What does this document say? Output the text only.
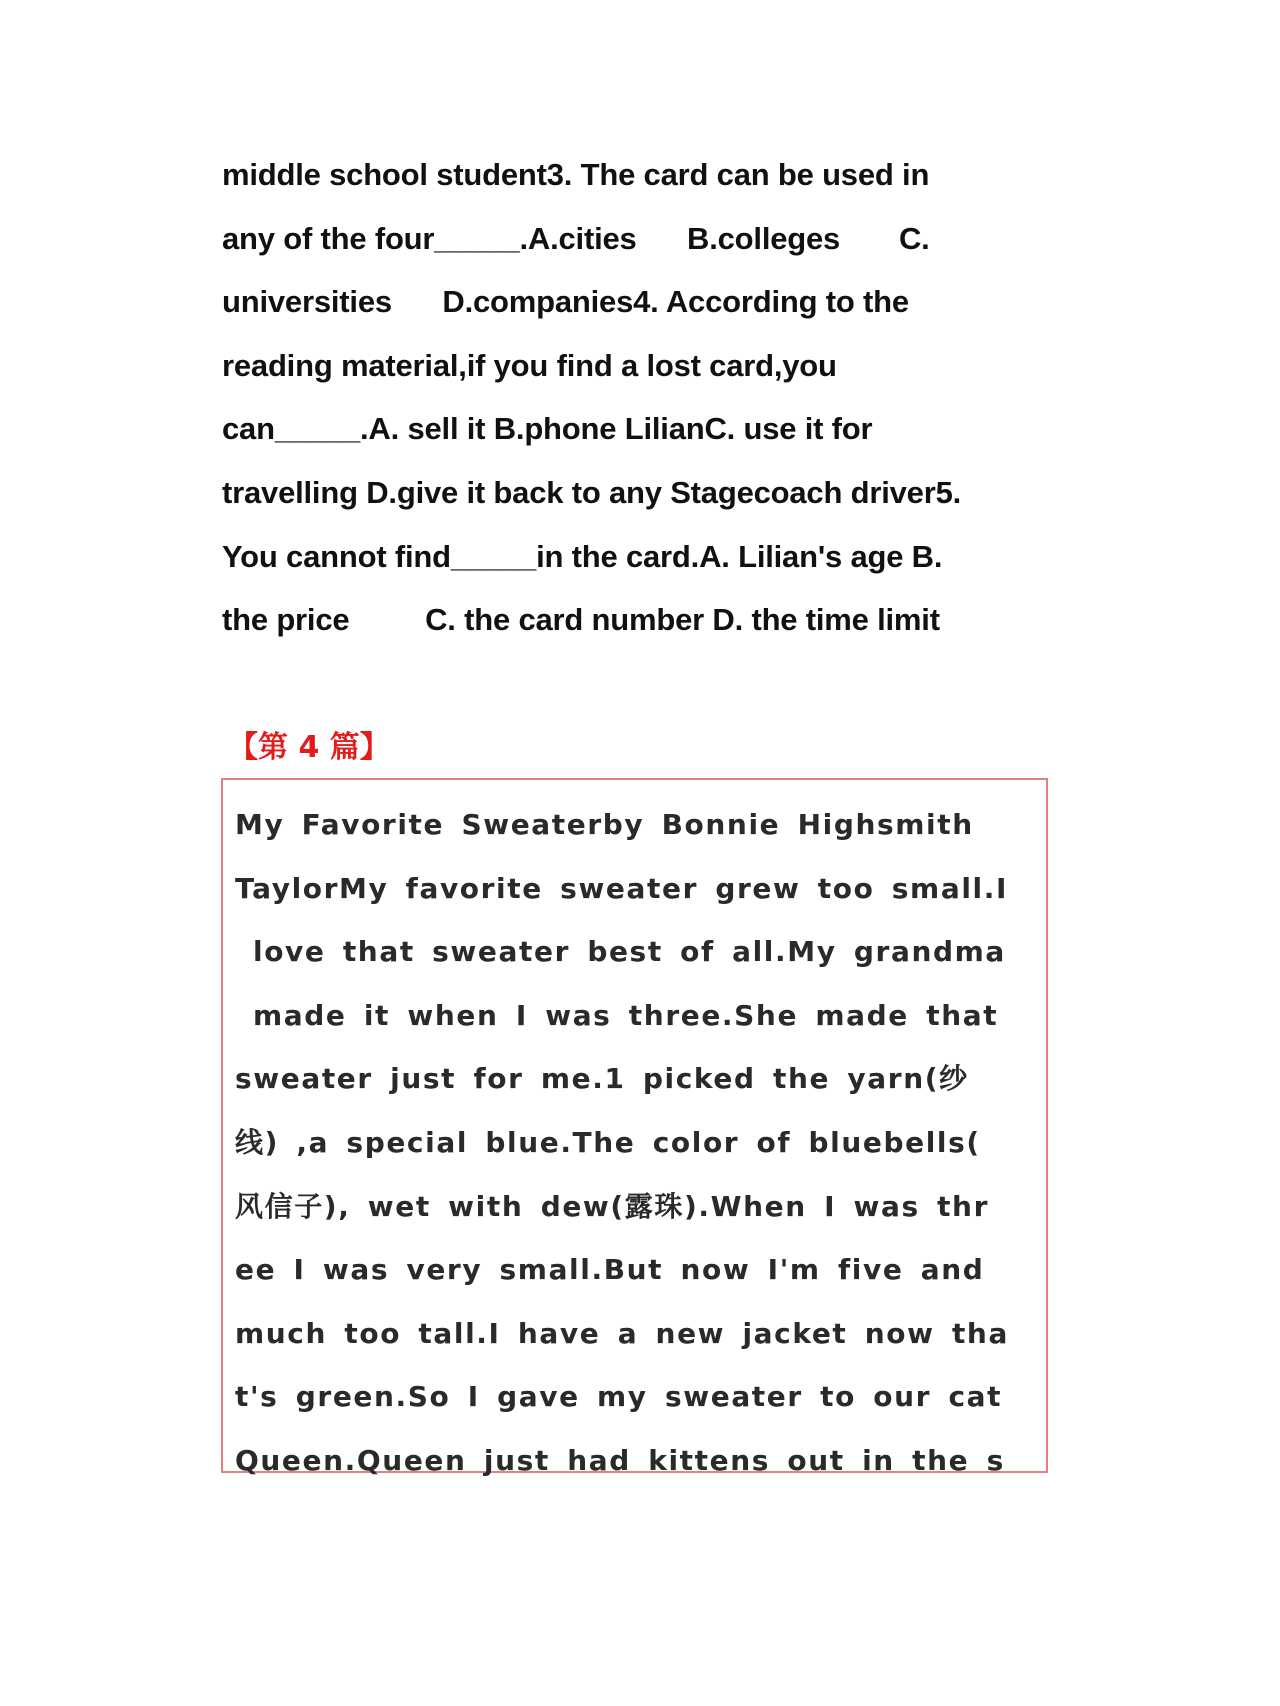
middle school student3. The card can be used in
any of the four_____.A.cities      B.colleges       C.
universities      D.companies4. According to the
reading material,if you find a lost card,you
can_____.A. sell it B.phone LilianC. use it for
travelling D.give it back to any Stagecoach driver5.
You cannot find_____in the card.A. Lilian's age B.
the price         C. the card number D. the time limit
【第 4 篇】
My Favorite Sweaterby Bonnie Highsmith
TaylorMy favorite sweater grew too small.I
love that sweater best of all.My grandma
made it when I was three.She made that
sweater just for me.1 picked the yarn(纱
线) ,a special blue.The color of bluebells(
风信子), wet with dew(露珠).When I was thr
ee I was very small.But now I'm five and
much too tall.I have a new jacket now tha
t's green.So I gave my sweater to our cat
Queen.Queen just had kittens out in the s
